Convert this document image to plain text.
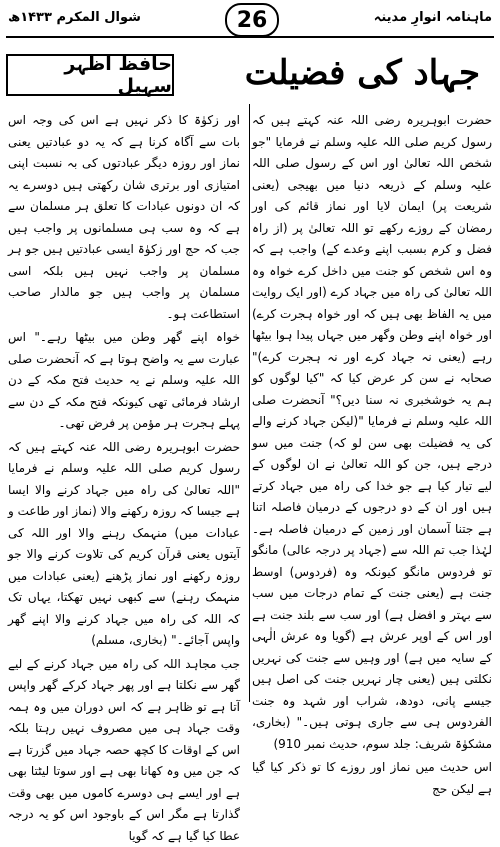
شوال المکرم ۱۴۳۳ھ	26	ماہنامہ انوارِ مدینہ
حافظ اظہر سہیل	جہاد کی فضیلت

حضرت ابوہریرہ رضی اللہ عنہ کہتے ہیں کہ رسول کریم صلی اللہ علیہ وسلم نے فرمایا "جو شخص اللہ تعالیٰ اور اس کے رسول صلی اللہ علیہ وسلم کے ذریعہ دنیا میں بھیجی (یعنی شریعت پر) ایمان لایا اور نماز قائم کی اور رمضان کے روزے رکھے تو اللہ تعالیٰ پر (از راہ فضل و کرم بسبب اپنے وعدے کے) واجب ہے کہ وہ اس شخص کو جنت میں داخل کرے خواہ وہ اللہ تعالیٰ کی راہ میں جہاد کرے (اور ایک روایت میں یہ الفاظ بھی ہیں کہ اور خواہ ہجرت کرے) اور خواہ اپنے وطن وگھر میں جہاں پیدا ہوا بیٹھا رہے (یعنی نہ جہاد کرے اور نہ ہجرت کرے)" صحابہ نے سن کر عرض کیا کہ "کیا لوگوں کو ہم یہ خوشخبری نہ سنا دیں؟" آنحضرت صلی اللہ علیہ وسلم نے فرمایا "(لیکن جہاد کرنے والے کی یہ فضیلت بھی سن لو کہ) جنت میں سو درجے ہیں، جن کو اللہ تعالیٰ نے ان لوگوں کے لیے تیار کیا ہے جو خدا کی راہ میں جہاد کرتے ہیں اور ان کے دو درجوں کے درمیان فاصلہ اتنا ہے جتنا آسمان اور زمین کے درمیان فاصلہ ہے۔ لہٰذا جب تم اللہ سے (جہاد پر درجہ عالی) مانگو تو فردوس مانگو کیونکہ وہ (فردوس) اوسط جنت ہے (یعنی جنت کے تمام درجات میں سب سے بہتر و افضل ہے) اور سب سے بلند جنت ہے اور اس کے اوپر عرش ہے (گویا وہ عرش الٰہی کے سایہ میں ہے) اور وہیں سے جنت کی نہریں نکلتی ہیں (یعنی چار نہریں جنت کی اصل ہیں جیسے پانی، دودھ، شراب اور شہد وہ جنت الفردوس ہی سے جاری ہوتی ہیں۔" (بخاری، مشکوٰۃ شریف: جلد سوم، حدیث نمبر 910)

اس حدیث میں نماز اور روزے کا تو ذکر کیا گیا ہے لیکن حج

اور زکوٰۃ کا ذکر نہیں ہے اس کی وجہ اس بات سے آگاہ کرنا ہے کہ یہ دو عبادتیں یعنی نماز اور روزہ دیگر عبادتوں کی بہ نسبت اپنی امتیازی اور برتری شان رکھتی ہیں دوسرے یہ کہ ان دونوں عبادات کا تعلق ہر مسلمان سے ہے کہ وہ سب ہی مسلمانوں پر واجب ہیں جب کہ حج اور زکوٰۃ ایسی عبادتیں ہیں جو ہر مسلمان پر واجب نہیں ہیں بلکہ اسی مسلمان پر واجب ہیں جو مالدار صاحب استطاعت ہو۔

خواہ اپنے گھر وطن میں بیٹھا رہے۔" اس عبارت سے یہ واضح ہوتا ہے کہ آنحضرت صلی اللہ علیہ وسلم نے یہ حدیث فتح مکہ کے دن ارشاد فرمائی تھی کیونکہ فتح مکہ کے دن سے پہلے ہجرت ہر مؤمن پر فرض تھی۔

حضرت ابوہریرہ رضی اللہ عنہ کہتے ہیں کہ رسول کریم صلی اللہ علیہ وسلم نے فرمایا "اللہ تعالیٰ کی راہ میں جہاد کرنے والا ایسا ہے جیسا کہ روزہ رکھنے والا (نماز اور طاعت و عبادات میں) منہمک رہنے والا اور اللہ کی آیتوں یعنی قرآن کریم کی تلاوت کرنے والا جو روزہ رکھنے اور نماز پڑھنے (یعنی عبادات میں منہمک رہنے) سے کبھی نہیں تھکتا، یہاں تک کہ اللہ کی راہ میں جہاد کرنے والا اپنے گھر واپس آجائے۔" (بخاری، مسلم)

جب مجاہد اللہ کی راہ میں جہاد کرنے کے لیے گھر سے نکلتا ہے اور پھر جہاد کرکے گھر واپس آتا ہے تو ظاہر ہے کہ اس دوران میں وہ ہمہ وقت جہاد ہی میں مصروف نہیں رہتا بلکہ اس کے اوقات کا کچھ حصہ جہاد میں گزرتا ہے کہ جن میں وہ کھانا بھی ہے اور سوتا لیٹتا بھی ہے اور ایسے ہی دوسرے کاموں میں بھی وقت گذارتا ہے مگر اس کے باوجود اس کو یہ درجہ عطا کیا گیا ہے کہ گویا
